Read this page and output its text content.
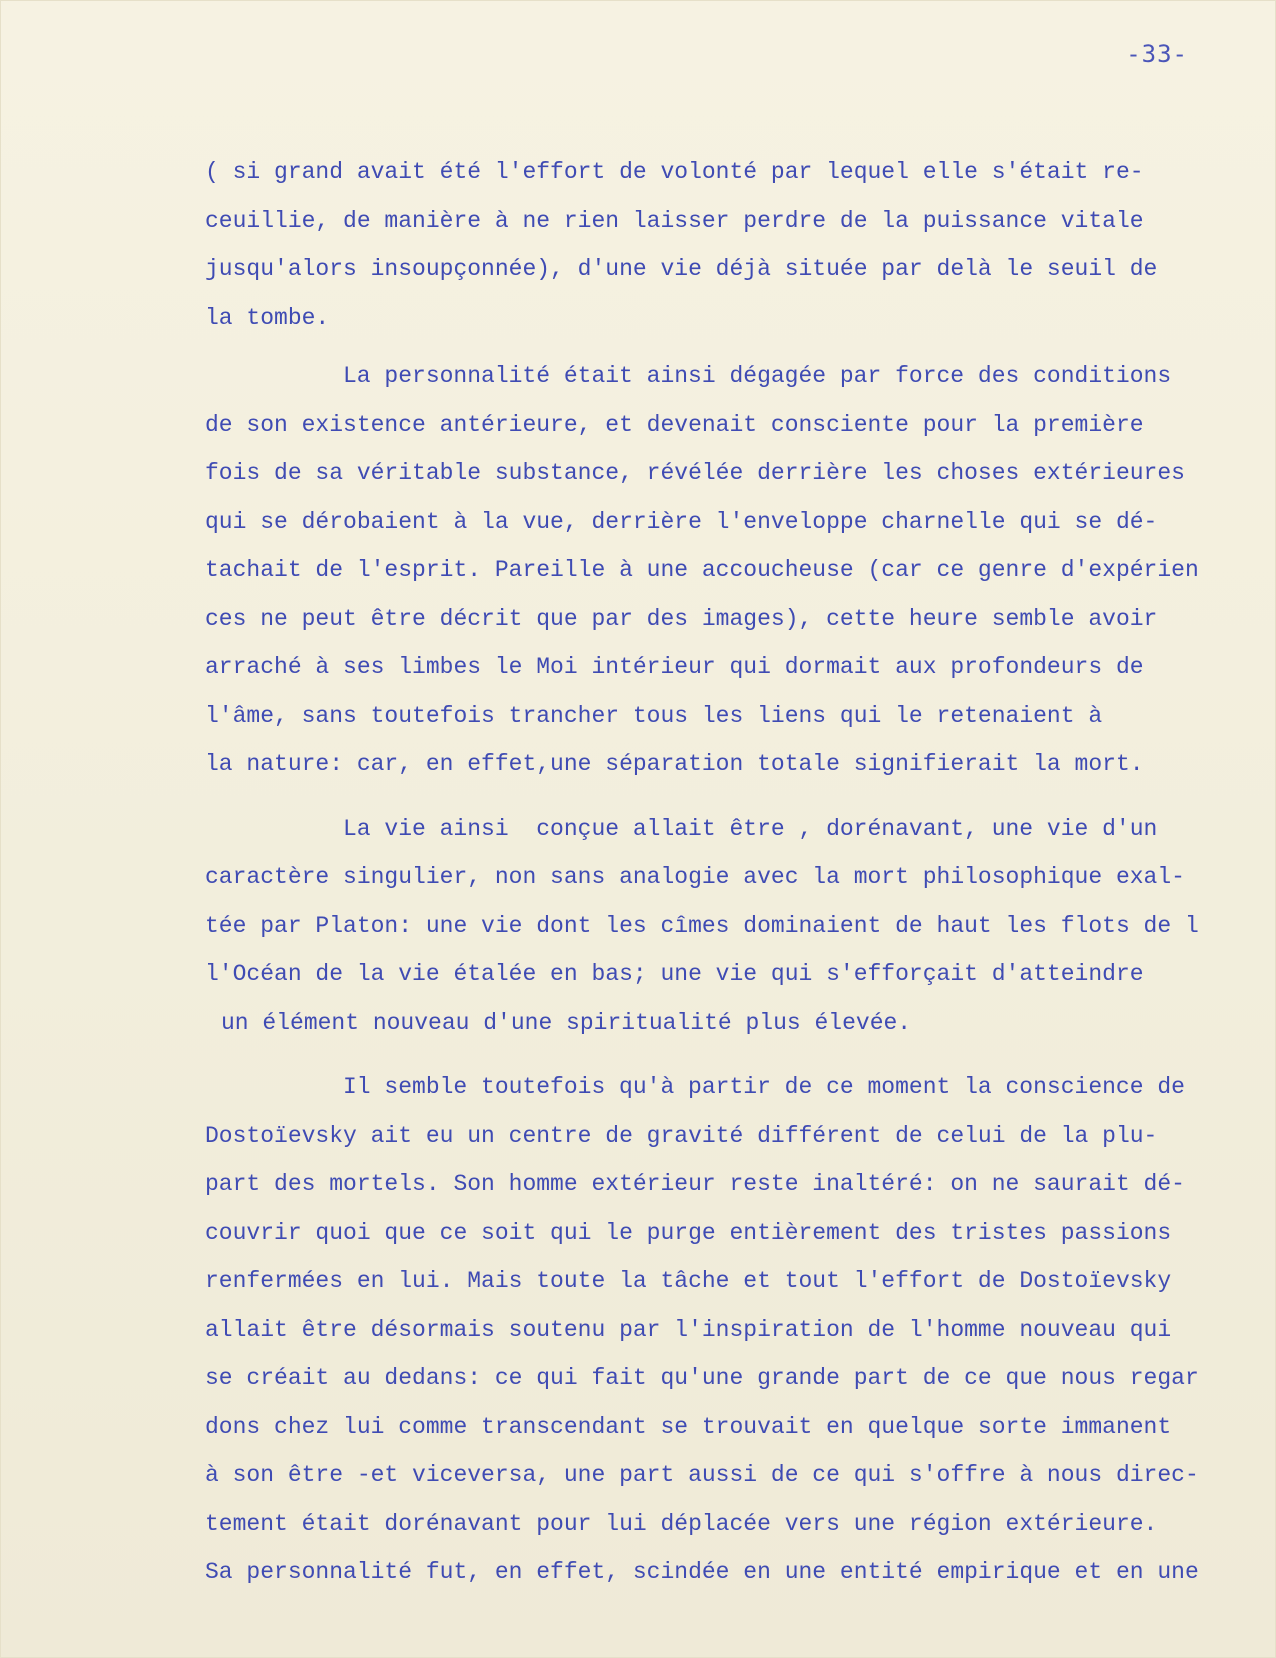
-33-
( si grand avait été l'effort de volonté par lequel elle s'était re-
ceuillie, de manière à ne rien laisser perdre de la puissance vitale
jusqu'alors insoupçonnée), d'une vie déjà située par delà le seuil de
la tombe.
La personnalité était ainsi dégagée par force des conditions
de son existence antérieure, et devenait consciente pour la première
fois de sa véritable substance, révélée derrière les choses extérieures
qui se dérobaient à la vue, derrière l'enveloppe charnelle qui se dé-
tachait de l'esprit. Pareille à une accoucheuse (car ce genre d'expérien
ces ne peut être décrit que par des images), cette heure semble avoir
arraché à ses limbes le Moi intérieur qui dormait aux profondeurs de
l'âme, sans toutefois trancher tous les liens qui le retenaient à
la nature: car, en effet,une séparation totale signifierait la mort.
La vie ainsi  conçue allait être , dorénavant, une vie d'un
caractère singulier, non sans analogie avec la mort philosophique exal-
tée par Platon: une vie dont les cîmes dominaient de haut les flots de l
l'Océan de la vie étalée en bas; une vie qui s'efforçait d'atteindre
un élément nouveau d'une spiritualité plus élevée.
Il semble toutefois qu'à partir de ce moment la conscience de
Dostoïevsky ait eu un centre de gravité différent de celui de la plu-
part des mortels. Son homme extérieur reste inaltéré: on ne saurait dé-
couvrir quoi que ce soit qui le purge entièrement des tristes passions
renfermées en lui. Mais toute la tâche et tout l'effort de Dostoïevsky
allait être désormais soutenu par l'inspiration de l'homme nouveau qui
se créait au dedans: ce qui fait qu'une grande part de ce que nous regar
dons chez lui comme transcendant se trouvait en quelque sorte immanent
à son être -et viceversa, une part aussi de ce qui s'offre à nous direc-
tement était dorénavant pour lui déplacée vers une région extérieure.
Sa personnalité fut, en effet, scindée en une entité empirique et en une
